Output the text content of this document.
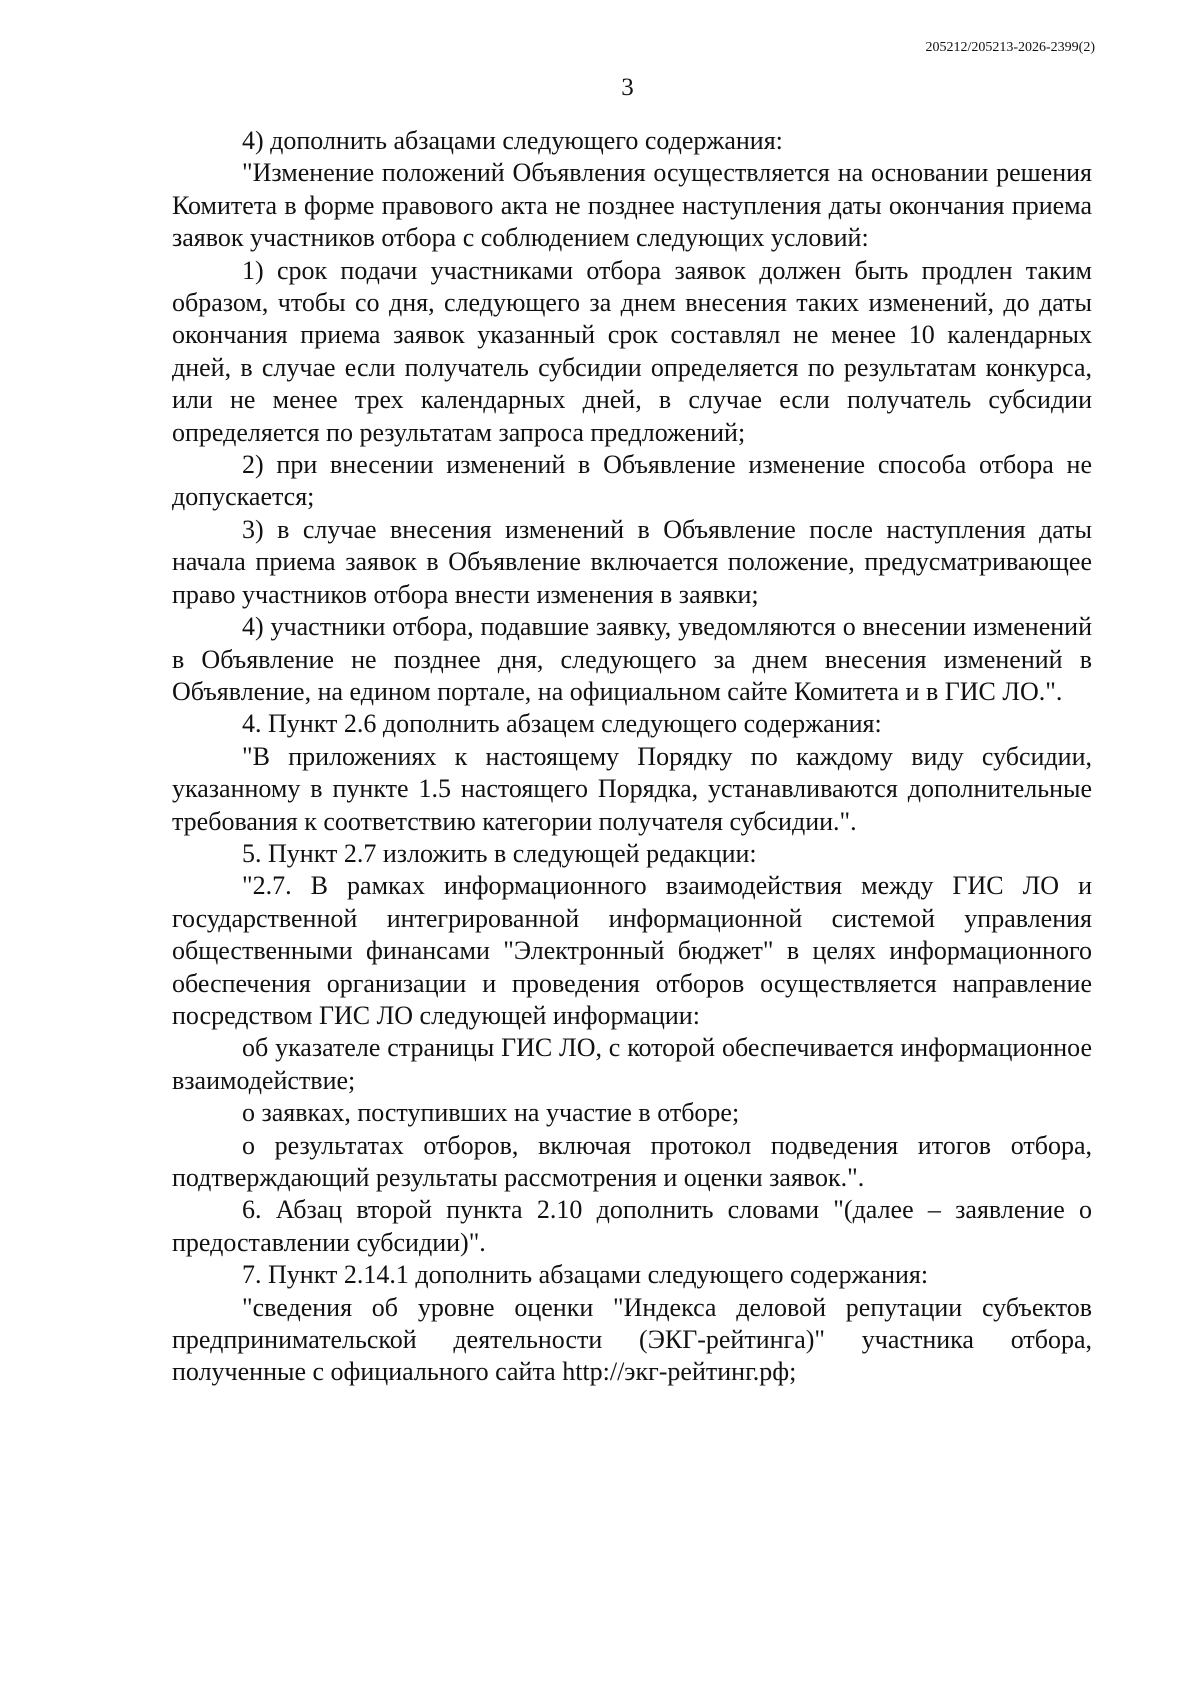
205212/205213-2026-2399(2)
3

4) дополнить абзацами следующего содержания:

"Изменение положений Объявления осуществляется на основании решения Комитета в форме правового акта не позднее наступления даты окончания приема заявок участников отбора с соблюдением следующих условий:

1) срок подачи участниками отбора заявок должен быть продлен таким образом, чтобы со дня, следующего за днем внесения таких изменений, до даты окончания приема заявок указанный срок составлял не менее 10 календарных дней, в случае если получатель субсидии определяется по результатам конкурса, или не менее трех календарных дней, в случае если получатель субсидии определяется по результатам запроса предложений;

2) при внесении изменений в Объявление изменение способа отбора не допускается;

3) в случае внесения изменений в Объявление после наступления даты начала приема заявок в Объявление включается положение, предусматривающее право участников отбора внести изменения в заявки;

4) участники отбора, подавшие заявку, уведомляются о внесении изменений в Объявление не позднее дня, следующего за днем внесения изменений в Объявление, на едином портале, на официальном сайте Комитета и в ГИС ЛО.".

4. Пункт 2.6 дополнить абзацем следующего содержания:

"В приложениях к настоящему Порядку по каждому виду субсидии, указанному в пункте 1.5 настоящего Порядка, устанавливаются дополнительные требования к соответствию категории получателя субсидии.".

5. Пункт 2.7 изложить в следующей редакции:

"2.7. В рамках информационного взаимодействия между ГИС ЛО и государственной интегрированной информационной системой управления общественными финансами "Электронный бюджет" в целях информационного обеспечения организации и проведения отборов осуществляется направление посредством ГИС ЛО следующей информации:

об указателе страницы ГИС ЛО, с которой обеспечивается информационное взаимодействие;

о заявках, поступивших на участие в отборе;

о результатах отборов, включая протокол подведения итогов отбора, подтверждающий результаты рассмотрения и оценки заявок.".

6. Абзац второй пункта 2.10 дополнить словами "(далее – заявление о предоставлении субсидии)".

7. Пункт 2.14.1 дополнить абзацами следующего содержания:

"сведения об уровне оценки "Индекса деловой репутации субъектов предпринимательской деятельности (ЭКГ-рейтинга)" участника отбора, полученные с официального сайта http://экг-рейтинг.рф;
